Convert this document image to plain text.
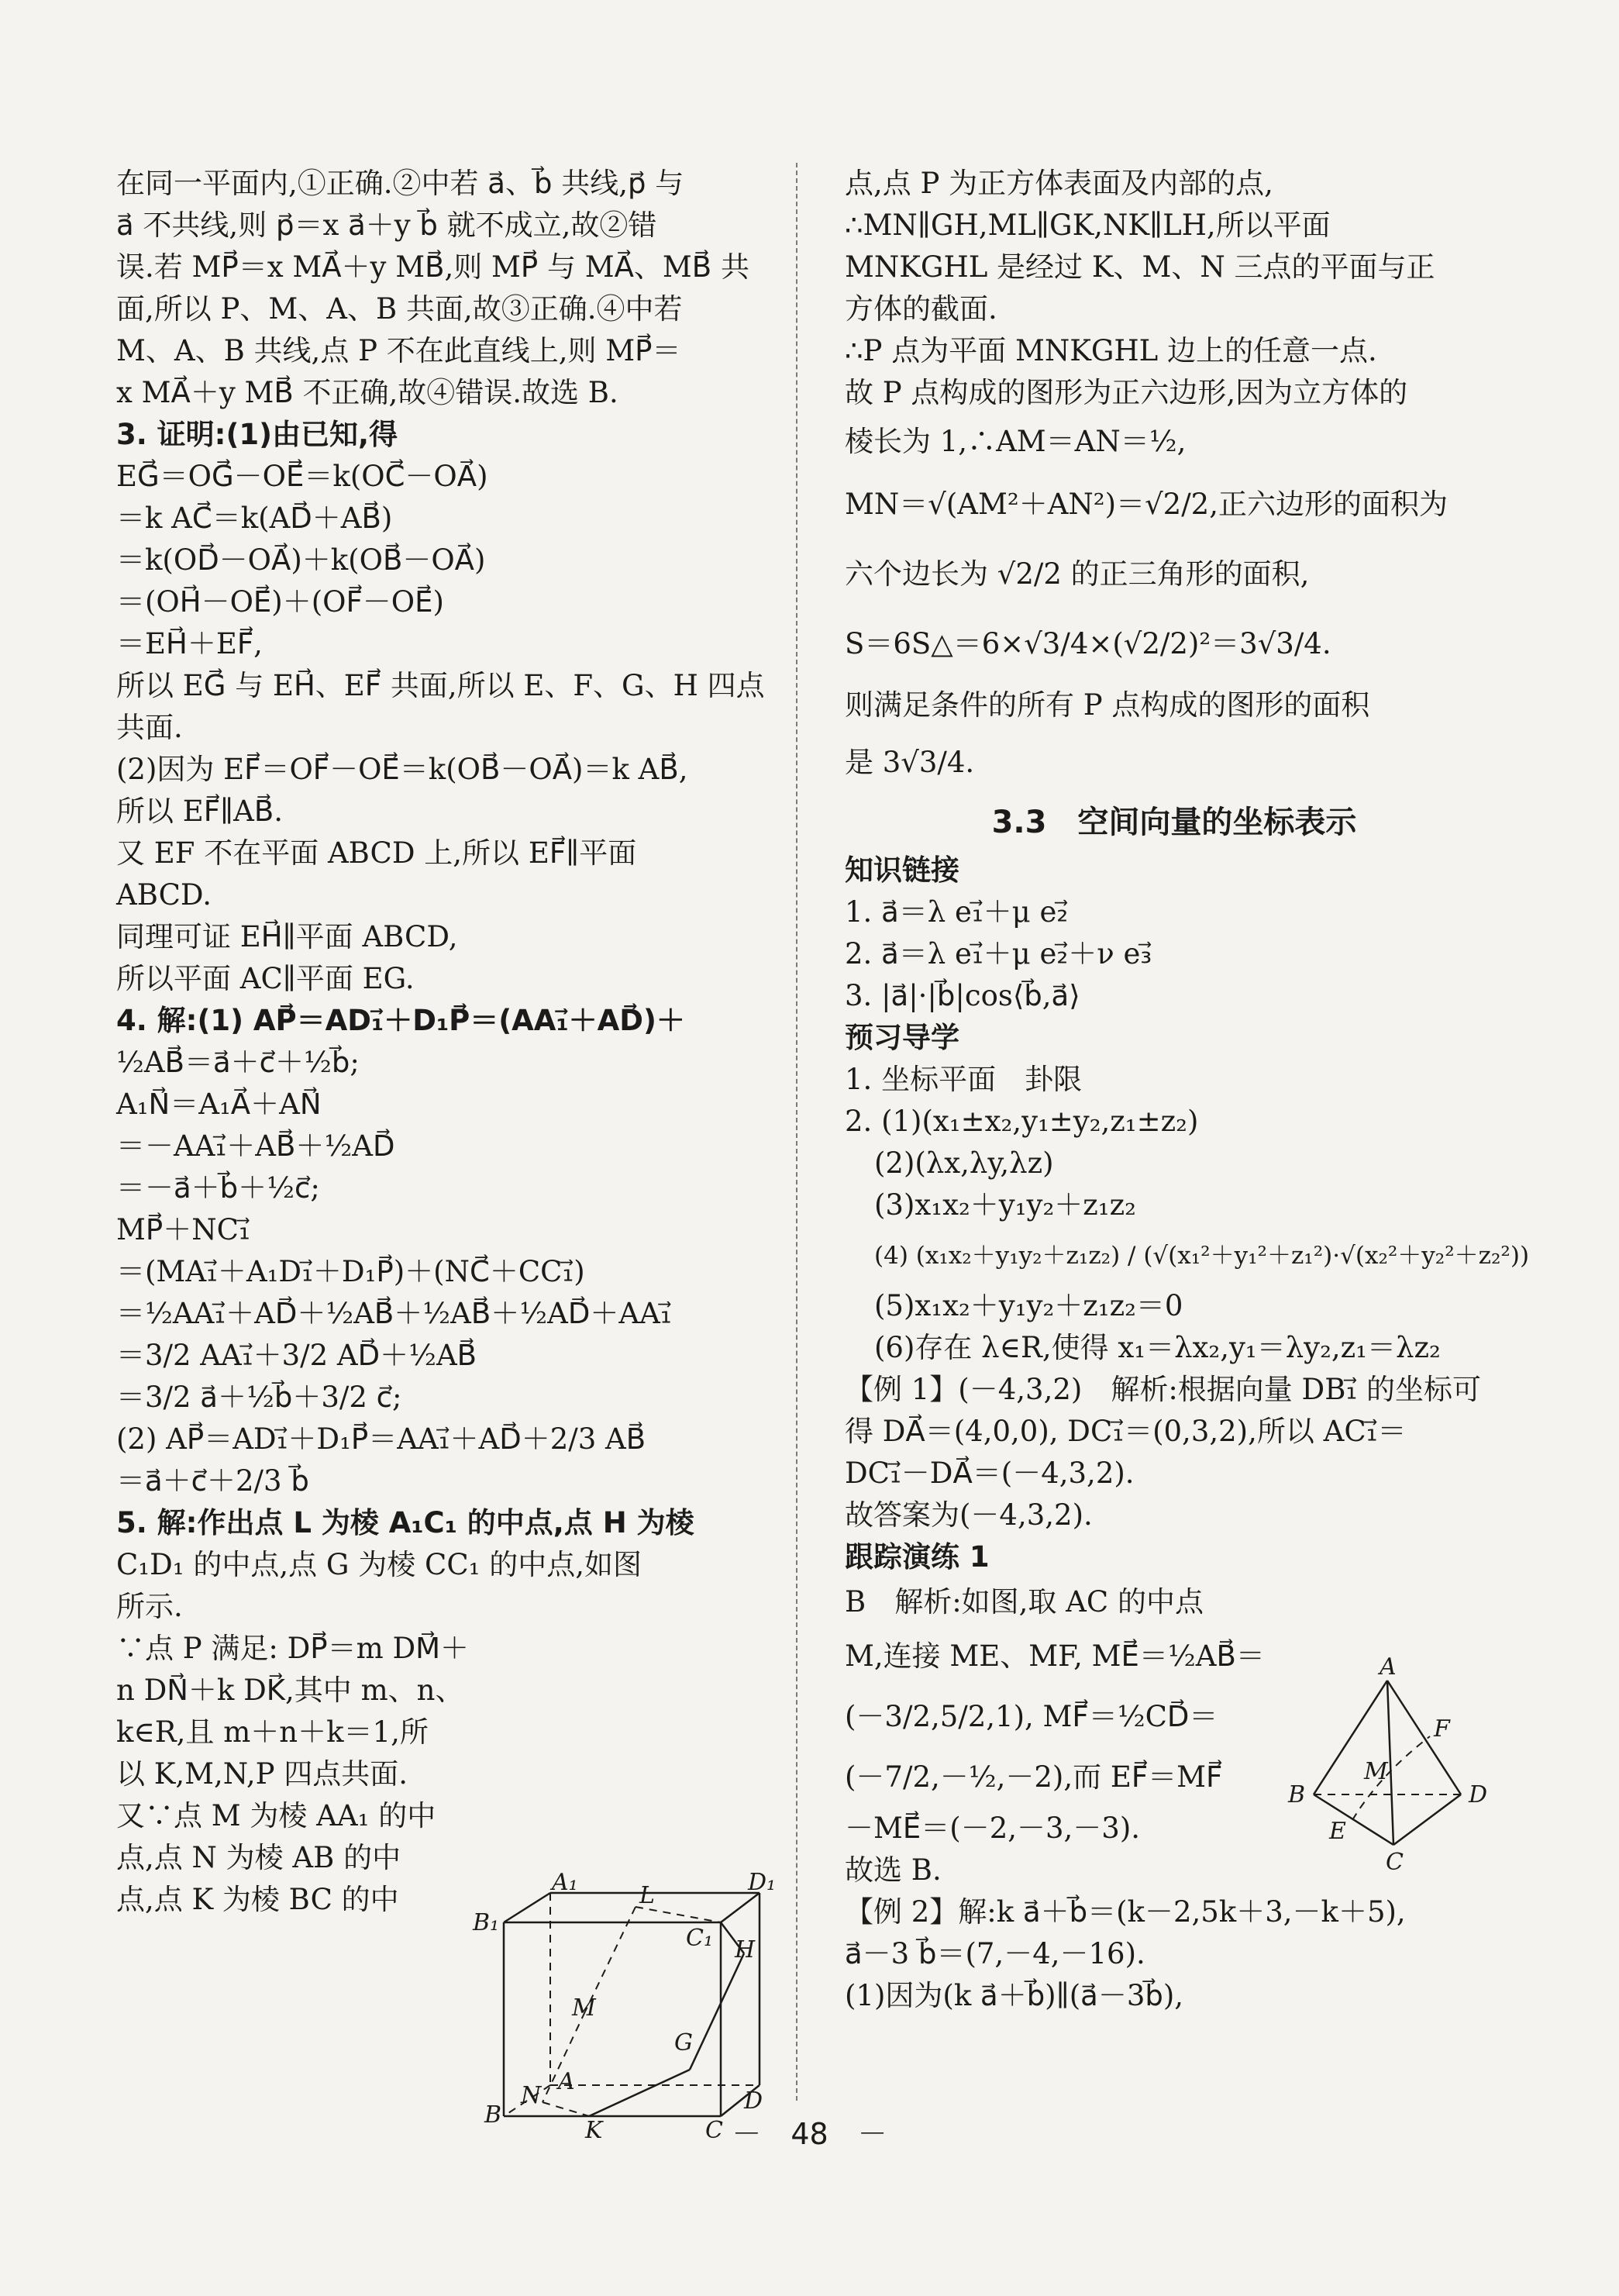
在同一平面内,①正确.②中若 a⃗、b⃗ 共线,p⃗ 与

a⃗ 不共线,则 p⃗＝x a⃗＋y b⃗ 就不成立,故②错

误.若 MP⃗＝x MA⃗＋y MB⃗,则 MP⃗ 与 MA⃗、MB⃗ 共

面,所以 P、M、A、B 共面,故③正确.④中若

M、A、B 共线,点 P 不在此直线上,则 MP⃗＝

x MA⃗＋y MB⃗ 不正确,故④错误.故选 B.

3. 证明:(1)由已知,得

EG⃗＝OG⃗－OE⃗＝k(OC⃗－OA⃗)

＝k AC⃗＝k(AD⃗＋AB⃗)

＝k(OD⃗－OA⃗)＋k(OB⃗－OA⃗)

＝(OH⃗－OE⃗)＋(OF⃗－OE⃗)

＝EH⃗＋EF⃗,

所以 EG⃗ 与 EH⃗、EF⃗ 共面,所以 E、F、G、H 四点

共面.

(2)因为 EF⃗＝OF⃗－OE⃗＝k(OB⃗－OA⃗)＝k AB⃗,

所以 EF⃗∥AB⃗.

又 EF 不在平面 ABCD 上,所以 EF⃗∥平面

ABCD.

同理可证 EH⃗∥平面 ABCD,

所以平面 AC∥平面 EG.

4. 解:(1) AP⃗＝AD₁⃗＋D₁P⃗＝(AA₁⃗＋AD⃗)＋

½AB⃗＝a⃗＋c⃗＋½b⃗;

A₁N⃗＝A₁A⃗＋AN⃗

＝－AA₁⃗＋AB⃗＋½AD⃗

＝－a⃗＋b⃗＋½c⃗;

MP⃗＋NC₁⃗

＝(MA₁⃗＋A₁D₁⃗＋D₁P⃗)＋(NC⃗＋CC₁⃗)

＝½AA₁⃗＋AD⃗＋½AB⃗＋½AB⃗＋½AD⃗＋AA₁⃗

＝3/2 AA₁⃗＋3/2 AD⃗＋½AB⃗

＝3/2 a⃗＋½b⃗＋3/2 c⃗;

(2) AP⃗＝AD₁⃗＋D₁P⃗＝AA₁⃗＋AD⃗＋2/3 AB⃗

＝a⃗＋c⃗＋2/3 b⃗

5. 解:作出点 L 为棱 A₁C₁ 的中点,点 H 为棱

C₁D₁ 的中点,点 G 为棱 CC₁ 的中点,如图

所示.

∵点 P 满足: DP⃗＝m DM⃗＋

n DN⃗＋k DK⃗,其中 m、n、

k∈R,且 m＋n＋k＝1,所

以 K,M,N,P 四点共面.

又∵点 M 为棱 AA₁ 的中

点,点 N 为棱 AB 的中

点,点 K 为棱 BC 的中

A₁	L	D₁
B₁
C₁ H
M
G
N
A
B
K
D
C

点,点 P 为正方体表面及内部的点,

∴MN∥GH,ML∥GK,NK∥LH,所以平面

MNKGHL 是经过 K、M、N 三点的平面与正

方体的截面.

∴P 点为平面 MNKGHL 边上的任意一点.

故 P 点构成的图形为正六边形,因为立方体的

棱长为 1,∴AM＝AN＝½,

MN＝√(AM²＋AN²)＝√2/2,正六边形的面积为

六个边长为 √2/2 的正三角形的面积,

S＝6S△＝6×√3/4×(√2/2)²＝3√3/4.

则满足条件的所有 P 点构成的图形的面积

是 3√3/4.

3.3　空间向量的坐标表示
知识链接

1. a⃗＝λ e₁⃗＋μ e₂⃗

2. a⃗＝λ e₁⃗＋μ e₂⃗＋ν e₃⃗

3. |a⃗|·|b⃗|cos⟨b⃗,a⃗⟩

预习导学

1. 坐标平面　卦限

2. (1)(x₁±x₂,y₁±y₂,z₁±z₂)

(2)(λx,λy,λz)

(3)x₁x₂＋y₁y₂＋z₁z₂

(4) (x₁x₂＋y₁y₂＋z₁z₂) / (√(x₁²＋y₁²＋z₁²)·√(x₂²＋y₂²＋z₂²))

(5)x₁x₂＋y₁y₂＋z₁z₂＝0

(6)存在 λ∈R,使得 x₁＝λx₂,y₁＝λy₂,z₁＝λz₂

【例 1】(－4,3,2)　解析:根据向量 DB₁⃗ 的坐标可

得 DA⃗＝(4,0,0), DC₁⃗＝(0,3,2),所以 AC₁⃗＝

DC₁⃗－DA⃗＝(－4,3,2).

故答案为(－4,3,2).

跟踪演练 1

B　解析:如图,取 AC 的中点

M,连接 ME、MF, ME⃗＝½AB⃗＝

(－3/2,5/2,1), MF⃗＝½CD⃗＝

(－7/2,－½,－2),而 EF⃗＝MF⃗

－ME⃗＝(－2,－3,－3).

故选 B.

【例 2】解:k a⃗＋b⃗＝(k－2,5k＋3,－k＋5),

a⃗－3 b⃗＝(7,－4,－16).

(1)因为(k a⃗＋b⃗)∥(a⃗－3b⃗),

A
F
M
B	D
E
C
－　48　－
